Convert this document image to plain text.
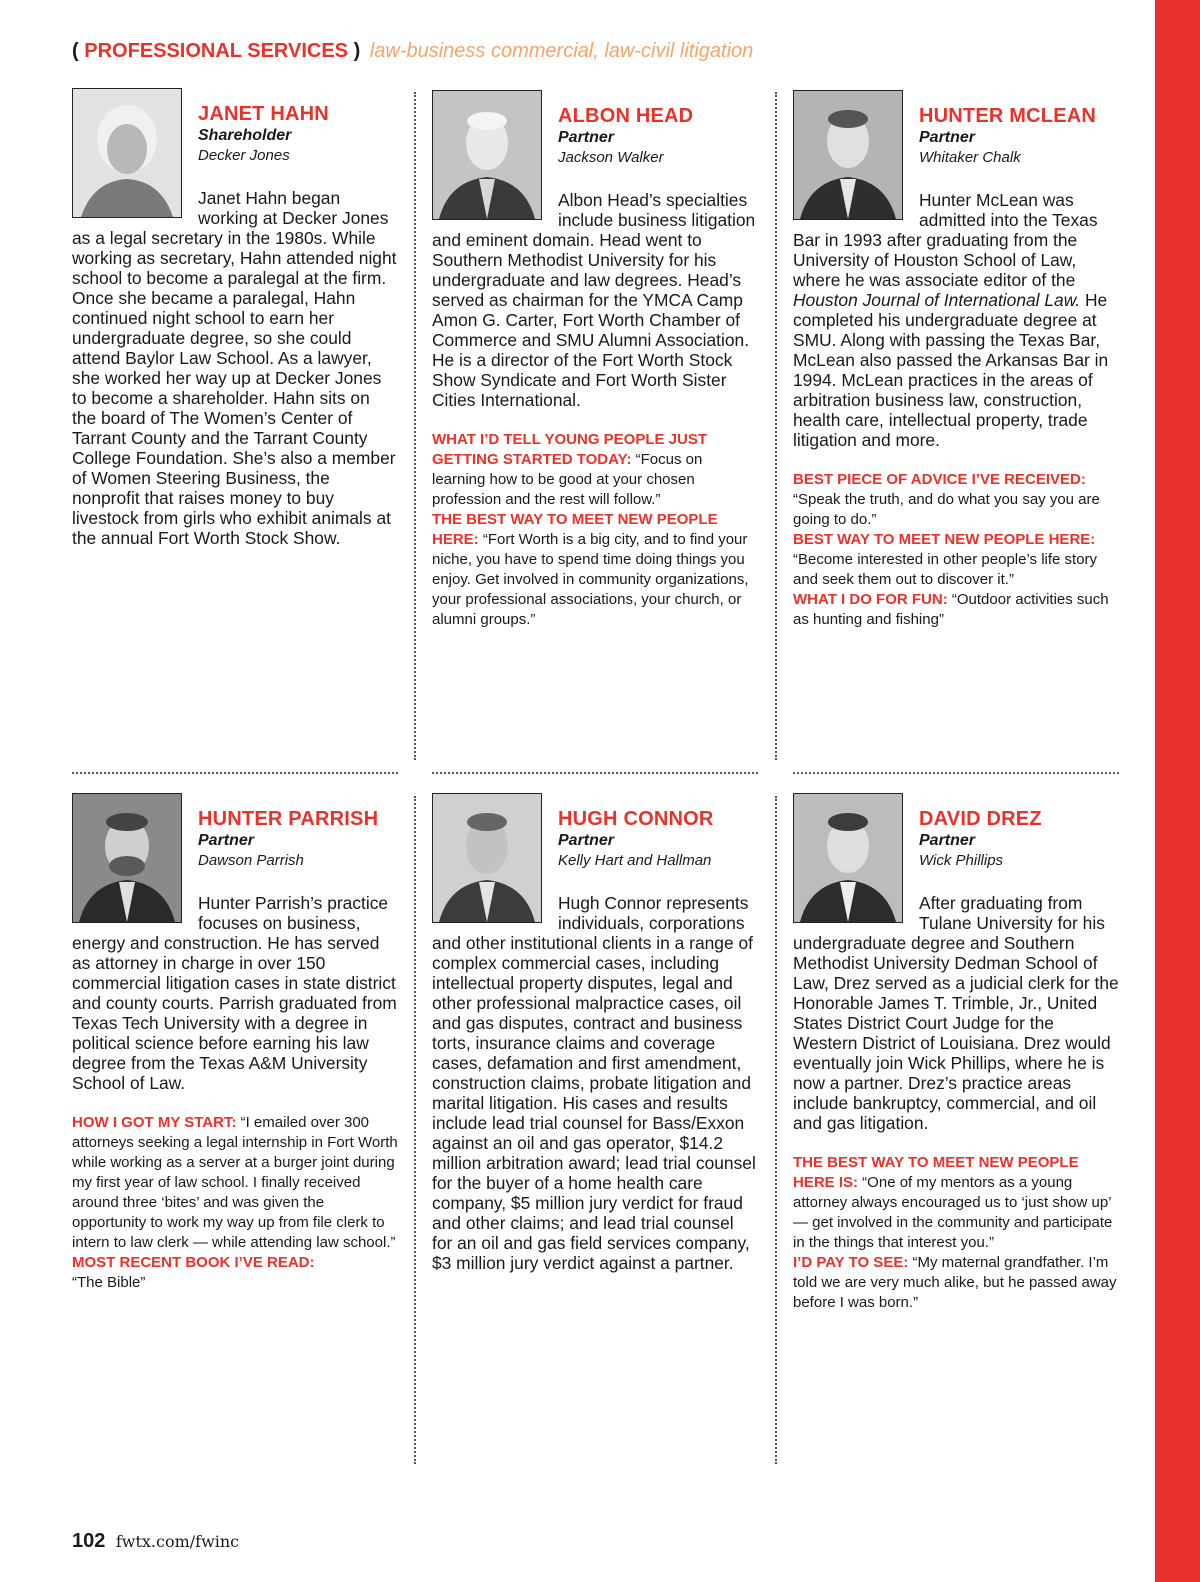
( PROFESSIONAL SERVICES ) law-business commercial, law-civil litigation
JANET HAHN
Shareholder
Decker Jones

Janet Hahn began working at Decker Jones as a legal secretary in the 1980s. While working as secretary, Hahn attended night school to become a paralegal at the firm. Once she became a paralegal, Hahn continued night school to earn her undergraduate degree, so she could attend Baylor Law School. As a lawyer, she worked her way up at Decker Jones to become a shareholder. Hahn sits on the board of The Women’s Center of Tarrant County and the Tarrant County College Foundation. She’s also a member of Women Steering Business, the nonprofit that raises money to buy livestock from girls who exhibit animals at the annual Fort Worth Stock Show.

ALBON HEAD
Partner
Jackson Walker

Albon Head’s specialties include business litigation and eminent domain. Head went to Southern Methodist University for his undergraduate and law degrees. Head’s served as chairman for the YMCA Camp Amon G. Carter, Fort Worth Chamber of Commerce and SMU Alumni Association. He is a director of the Fort Worth Stock Show Syndicate and Fort Worth Sister Cities International.

WHAT I’D TELL YOUNG PEOPLE JUST GETTING STARTED TODAY: “Focus on learning how to be good at your chosen profession and the rest will follow.”

THE BEST WAY TO MEET NEW PEOPLE HERE: “Fort Worth is a big city, and to find your niche, you have to spend time doing things you enjoy. Get involved in community organizations, your professional associations, your church, or alumni groups.”

HUNTER MCLEAN
Partner
Whitaker Chalk

Hunter McLean was admitted into the Texas Bar in 1993 after graduating from the University of Houston School of Law, where he was associate editor of the Houston Journal of International Law. He completed his undergraduate degree at SMU. Along with passing the Texas Bar, McLean also passed the Arkansas Bar in 1994. McLean practices in the areas of arbitration business law, construction, health care, intellectual property, trade litigation and more.

BEST PIECE OF ADVICE I’VE RECEIVED: “Speak the truth, and do what you say you are going to do.”

BEST WAY TO MEET NEW PEOPLE HERE: “Become interested in other people’s life story and seek them out to discover it.”

WHAT I DO FOR FUN: “Outdoor activities such as hunting and fishing”

HUNTER PARRISH
Partner
Dawson Parrish

Hunter Parrish’s practice focuses on business, energy and construction. He has served as attorney in charge in over 150 commercial litigation cases in state district and county courts. Parrish graduated from Texas Tech University with a degree in political science before earning his law degree from the Texas A&M University School of Law.

HOW I GOT MY START: “I emailed over 300 attorneys seeking a legal internship in Fort Worth while working as a server at a burger joint during my first year of law school. I finally received around three ‘bites’ and was given the opportunity to work my way up from file clerk to intern to law clerk — while attending law school.”

MOST RECENT BOOK I’VE READ:
“The Bible”

HUGH CONNOR
Partner
Kelly Hart and Hallman

Hugh Connor represents individuals, corporations and other institutional clients in a range of complex commercial cases, including intellectual property disputes, legal and other professional malpractice cases, oil and gas disputes, contract and business torts, insurance claims and coverage cases, defamation and first amendment, construction claims, probate litigation and marital litigation. His cases and results include lead trial counsel for Bass/Exxon against an oil and gas operator, $14.2 million arbitration award; lead trial counsel for the buyer of a home health care company, $5 million jury verdict for fraud and other claims; and lead trial counsel for an oil and gas field services company, $3 million jury verdict against a partner.

DAVID DREZ
Partner
Wick Phillips

After graduating from Tulane University for his undergraduate degree and Southern Methodist University Dedman School of Law, Drez served as a judicial clerk for the Honorable James T. Trimble, Jr., United States District Court Judge for the Western District of Louisiana. Drez would eventually join Wick Phillips, where he is now a partner. Drez’s practice areas include bankruptcy, commercial, and oil and gas litigation.

THE BEST WAY TO MEET NEW PEOPLE HERE IS: “One of my mentors as a young attorney always encouraged us to ‘just show up’ — get involved in the community and participate in the things that interest you.”

I’D PAY TO SEE: “My maternal grandfather. I’m told we are very much alike, but he passed away before I was born.”

102 fwtx.com/fwinc
